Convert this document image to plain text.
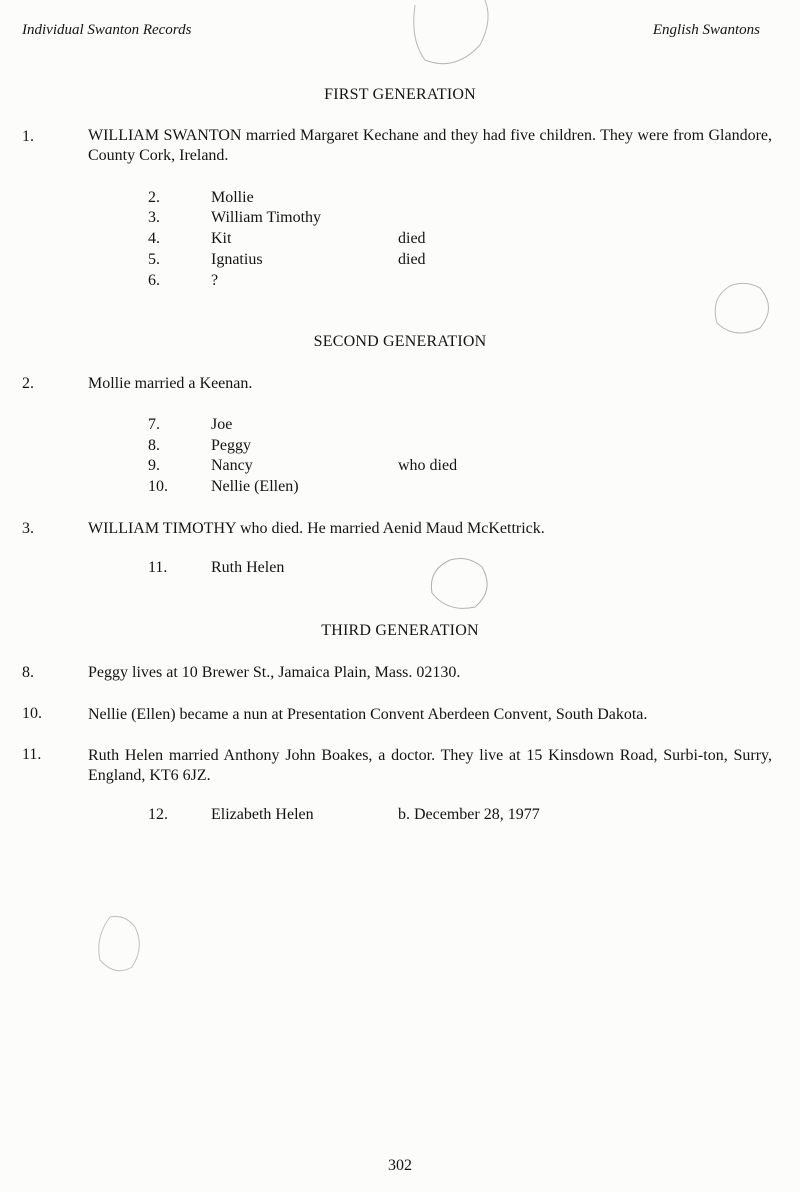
Individual Swanton Records	English Swantons
FIRST GENERATION
1.	WILLIAM SWANTON married Margaret Kechane and they had five children. They were from Glandore, County Cork, Ireland.
2.	Mollie
3.	William Timothy
4.	Kit	died
5.	Ignatius	died
6.	?
SECOND GENERATION
2.	Mollie married a Keenan.
7.	Joe
8.	Peggy
9.	Nancy	who died
10.	Nellie (Ellen)
3.	WILLIAM TIMOTHY who died. He married Aenid Maud McKettrick.
11.	Ruth Helen
THIRD GENERATION
8.	Peggy lives at 10 Brewer St., Jamaica Plain, Mass. 02130.
10.	Nellie (Ellen) became a nun at Presentation Convent Aberdeen Convent, South Dakota.
11.	Ruth Helen married Anthony John Boakes, a doctor. They live at 15 Kinsdown Road, Surbi-ton, Surry, England, KT6 6JZ.
12.	Elizabeth Helen	b. December 28, 1977
302
